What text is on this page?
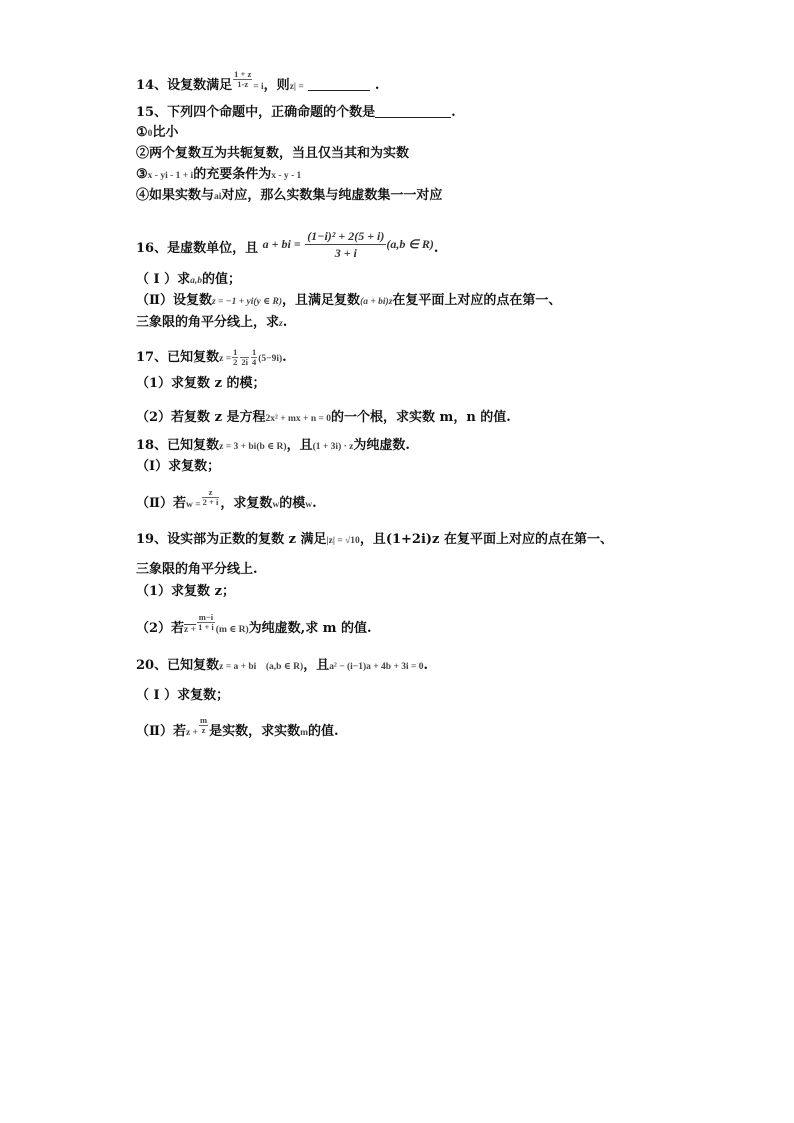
14、设复数满足 $\frac{1 + z}{1-z} = i$，则z| =	.
15、下列四个命题中，正确命题的个数是	.
①0比小
②两个复数互为共轭复数，当且仅当其和为实数
③x - yi - 1 + i的充要条件为x - y - 1
④如果实数与ai对应，那么实数集与纯虚数集一一对应
16、是虚数单位，且 a + bi = $\frac{\text{(1−i)² + 2(5 + i)}}{3 + i} (a,b$ ∈ R).
（ I ）求a,b的值；
（Ⅱ）设复数z = −1 + yi(y ∈ R)，且满足复数(a + bi)z在复平面上对应的点在第一、
三象限的角平分线上，求z.
17、已知复数$z = \frac{1}{2}$
$2i \frac{1}{4} (5-9i)$.
（1）求复数 z 的模；
（2）若复数 z 是方程2x² + mx + n = 0的一个根，求实数 m，n 的值.
18、已知复数z = 3 + bi(b ∈ R)，且(1 + 3i) · z为纯虚数.
（I）求复数；
（Ⅱ）若$w = \frac{z}{2 + i}$ ，求复数w的模w.
19、设实部为正数的复数 z 满足|z| = √10，且(1+2i)z 在复平面上对应的点在第一、
三象限的角平分线上.
（1）求复数 z；
（2）若$z + \frac{m-i}{1 + i} (m$ ∈ R)为纯虚数,求 m 的值.
20、已知复数z = a + bi　(a,b ∈ R)，且a² − (i−1)a + 4b + 3i = 0.
（ I ）求复数；
（Ⅱ）若$z + \frac{m}{z}$ 是实数，求实数m的值.
